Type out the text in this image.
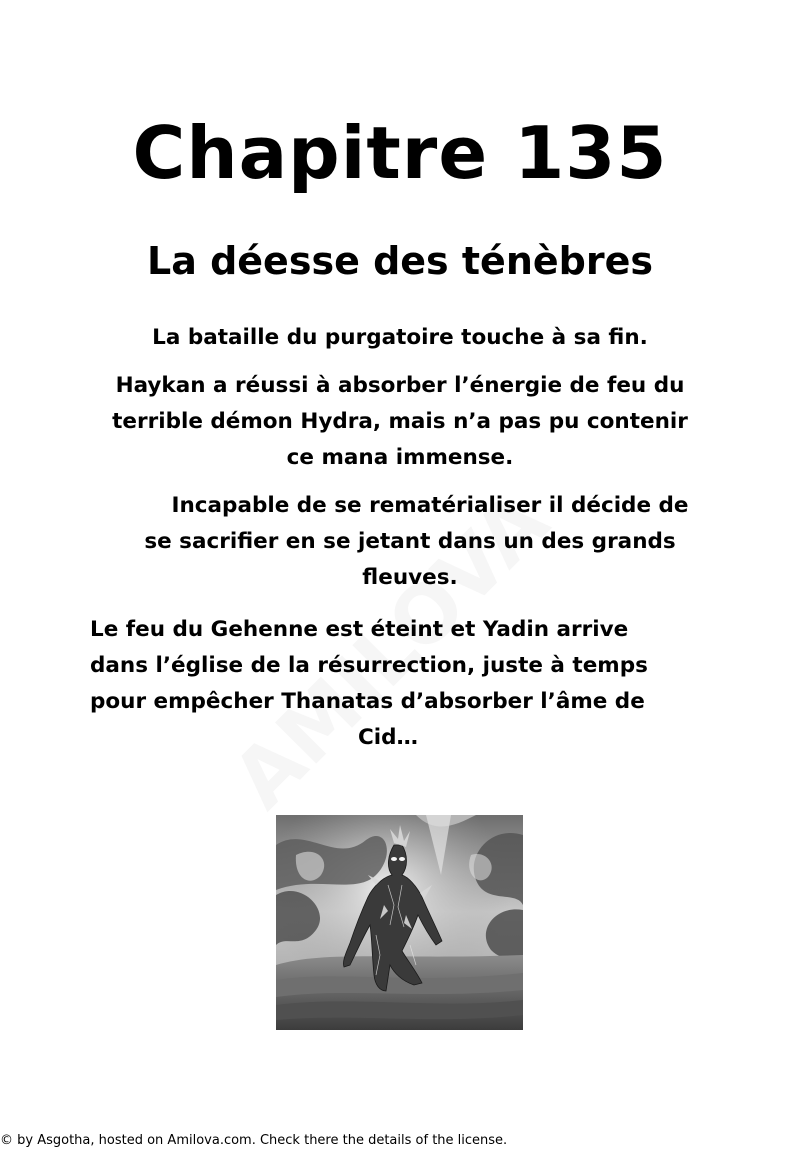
Chapitre 135
La déesse des ténèbres

La bataille du purgatoire touche à sa fin.

Haykan a réussi à absorber l’énergie de feu du terrible démon Hydra, mais n’a pas pu contenir ce mana immense.

Incapable de se rematérialiser il décide de se sacrifier en se jetant dans un des grands fleuves.

Le feu du Gehenne est éteint et Yadin arrive
dans l’église de la résurrection, juste à temps
pour empêcher Thanatas d’absorber l’âme de
Cid…

© by Asgotha, hosted on Amilova.com. Check there the details of the license.
